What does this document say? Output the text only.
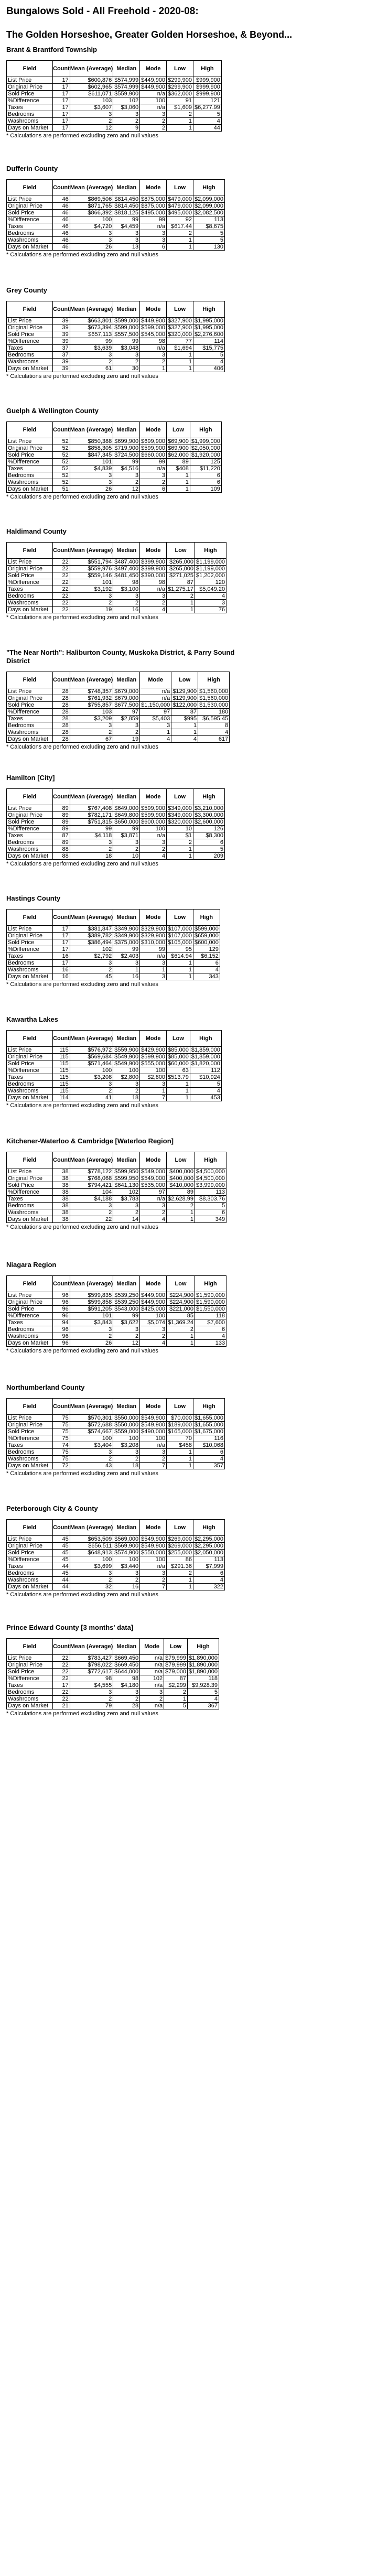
Bungalows Sold - All Freehold - 2020-08:
The Golden Horseshoe, Greater Golden Horseshoe, & Beyond...
Brant & Brantford Township
Field	Count	Mean (Average)	Median	Mode	Low	High
List Price	17	$600,876	$574,999	$449,900	$299,900	$999,900
Original Price	17	$602,965	$574,999	$449,900	$299,900	$999,900
Sold Price	17	$611,071	$559,900	n/a	$362,000	$999,900
%Difference	17	103	102	100	91	121
Taxes	17	$3,607	$3,060	n/a	$1,609	$6,277.99
Bedrooms	17	3	3	3	2	5
Washrooms	17	2	2	2	1	4
Days on Market	17	12	9	2	1	44
* Calculations are performed excluding zero and null values
Dufferin County
Field	Count	Mean (Average)	Median	Mode	Low	High
List Price	46	$869,506	$814,450	$875,000	$479,000	$2,099,000
Original Price	46	$871,765	$814,450	$875,000	$479,000	$2,099,000
Sold Price	46	$866,392	$818,125	$495,000	$495,000	$2,082,500
%Difference	46	100	99	99	92	113
Taxes	46	$4,720	$4,459	n/a	$617.44	$8,675
Bedrooms	46	3	3	3	2	5
Washrooms	46	3	3	3	1	5
Days on Market	46	26	13	6	1	130
* Calculations are performed excluding zero and null values
Grey County
Field	Count	Mean (Average)	Median	Mode	Low	High
List Price	39	$663,801	$599,000	$449,900	$327,900	$1,995,000
Original Price	39	$673,394	$599,000	$599,000	$327,900	$1,995,000
Sold Price	39	$657,113	$557,500	$545,000	$320,000	$2,276,600
%Difference	39	99	99	98	77	114
Taxes	37	$3,639	$3,048	n/a	$1,694	$15,775
Bedrooms	37	3	3	3	1	5
Washrooms	39	2	2	2	1	4
Days on Market	39	61	30	1	1	406
* Calculations are performed excluding zero and null values
Guelph & Wellington County
Field	Count	Mean (Average)	Median	Mode	Low	High
List Price	52	$850,388	$699,900	$699,900	$69,900	$1,999,000
Original Price	52	$858,305	$719,900	$599,900	$69,900	$2,050,000
Sold Price	52	$847,345	$724,500	$660,000	$62,000	$1,920,000
%Difference	52	101	99	99	89	125
Taxes	52	$4,839	$4,516	n/a	$408	$11,220
Bedrooms	52	3	3	3	1	6
Washrooms	52	3	2	2	1	6
Days on Market	51	26	12	6	1	109
* Calculations are performed excluding zero and null values
Haldimand County
Field	Count	Mean (Average)	Median	Mode	Low	High
List Price	22	$551,794	$487,400	$399,900	$265,000	$1,199,000
Original Price	22	$559,976	$497,400	$399,900	$265,000	$1,199,000
Sold Price	22	$559,146	$481,450	$390,000	$271,025	$1,202,000
%Difference	22	101	98	98	87	120
Taxes	22	$3,192	$3,100	n/a	$1,275.17	$5,049.20
Bedrooms	22	3	3	3	2	4
Washrooms	22	2	2	2	1	3
Days on Market	22	19	16	4	1	76
* Calculations are performed excluding zero and null values
"The Near North": Haliburton County, Muskoka District, & Parry Sound District
Field	Count	Mean (Average)	Median	Mode	Low	High
List Price	28	$748,357	$679,000	n/a	$129,900	$1,560,000
Original Price	28	$761,932	$679,000	n/a	$129,900	$1,560,000
Sold Price	28	$755,857	$677,500	$1,150,000	$122,000	$1,530,000
%Difference	28	103	97	97	87	180
Taxes	28	$3,209	$2,859	$5,403	$995	$6,595.45
Bedrooms	28	3	3	3	1	8
Washrooms	28	2	2	1	1	4
Days on Market	28	67	19	4	4	617
* Calculations are performed excluding zero and null values
Hamilton [City]
Field	Count	Mean (Average)	Median	Mode	Low	High
List Price	89	$767,408	$649,000	$599,900	$349,000	$3,210,000
Original Price	89	$782,171	$649,800	$599,900	$349,000	$3,300,000
Sold Price	89	$751,815	$650,000	$600,000	$320,000	$2,600,000
%Difference	89	99	99	100	10	126
Taxes	87	$4,118	$3,871	n/a	$1	$8,300
Bedrooms	89	3	3	3	2	6
Washrooms	88	2	2	2	1	5
Days on Market	88	18	10	4	1	209
* Calculations are performed excluding zero and null values
Hastings County
Field	Count	Mean (Average)	Median	Mode	Low	High
List Price	17	$381,847	$349,900	$329,900	$107,000	$599,000
Original Price	17	$389,782	$349,900	$329,900	$107,000	$659,000
Sold Price	17	$386,494	$375,000	$310,000	$105,000	$600,000
%Difference	17	102	99	99	95	129
Taxes	16	$2,792	$2,403	n/a	$614.94	$6,152
Bedrooms	17	3	3	3	1	6
Washrooms	16	2	1	1	1	4
Days on Market	16	45	16	3	1	343
* Calculations are performed excluding zero and null values
Kawartha Lakes
Field	Count	Mean (Average)	Median	Mode	Low	High
List Price	115	$576,972	$559,900	$429,900	$85,000	$1,859,000
Original Price	115	$569,684	$549,900	$599,900	$85,000	$1,859,000
Sold Price	115	$571,464	$549,900	$555,000	$60,000	$1,820,000
%Difference	115	100	100	100	63	112
Taxes	115	$3,208	$2,800	$2,800	$513.79	$10,924
Bedrooms	115	3	3	3	1	5
Washrooms	115	2	2	1	1	4
Days on Market	114	41	18	7	1	453
* Calculations are performed excluding zero and null values
Kitchener-Waterloo & Cambridge [Waterloo Region]
Field	Count	Mean (Average)	Median	Mode	Low	High
List Price	38	$778,122	$599,950	$549,000	$400,000	$4,500,000
Original Price	38	$768,068	$599,950	$549,000	$400,000	$4,500,000
Sold Price	38	$794,421	$641,130	$535,000	$410,000	$3,999,000
%Difference	38	104	102	97	89	113
Taxes	38	$4,188	$3,783	n/a	$2,628.99	$8,303.76
Bedrooms	38	3	3	3	2	5
Washrooms	38	2	2	2	1	6
Days on Market	38	22	14	4	1	349
* Calculations are performed excluding zero and null values
Niagara Region
Field	Count	Mean (Average)	Median	Mode	Low	High
List Price	96	$599,835	$539,250	$449,900	$224,900	$1,590,000
Original Price	96	$599,858	$539,250	$449,900	$224,900	$1,590,000
Sold Price	96	$591,205	$543,000	$425,000	$221,000	$1,550,000
%Difference	96	101	99	100	85	118
Taxes	94	$3,843	$3,622	$5,074	$1,369.24	$7,600
Bedrooms	96	3	3	3	2	6
Washrooms	96	2	2	2	1	4
Days on Market	96	26	12	4	1	133
* Calculations are performed excluding zero and null values
Northumberland County
Field	Count	Mean (Average)	Median	Mode	Low	High
List Price	75	$570,301	$550,000	$549,900	$70,000	$1,655,000
Original Price	75	$572,688	$550,000	$549,900	$189,000	$1,655,000
Sold Price	75	$574,667	$559,000	$490,000	$165,000	$1,675,000
%Difference	75	100	100	100	70	116
Taxes	74	$3,404	$3,208	n/a	$458	$10,068
Bedrooms	75	3	3	3	1	6
Washrooms	75	2	2	2	1	4
Days on Market	72	43	18	7	1	357
* Calculations are performed excluding zero and null values
Peterborough City & County
Field	Count	Mean (Average)	Median	Mode	Low	High
List Price	45	$653,509	$569,000	$549,900	$269,000	$2,295,000
Original Price	45	$656,511	$569,900	$549,900	$269,000	$2,295,000
Sold Price	45	$648,913	$574,900	$550,000	$255,000	$2,050,000
%Difference	45	100	100	100	86	113
Taxes	44	$3,699	$3,440	n/a	$291.36	$7,999
Bedrooms	45	3	3	3	2	6
Washrooms	44	2	2	2	1	4
Days on Market	44	32	16	7	1	322
* Calculations are performed excluding zero and null values
Prince Edward County [3 months' data]
Field	Count	Mean (Average)	Median	Mode	Low	High
List Price	22	$783,427	$669,450	n/a	$79,999	$1,890,000
Original Price	22	$798,022	$669,450	n/a	$79,999	$1,890,000
Sold Price	22	$772,617	$644,000	n/a	$79,000	$1,890,000
%Difference	22	98	98	102	87	118
Taxes	17	$4,555	$4,180	n/a	$2,299	$9,928.39
Bedrooms	22	3	3	3	2	5
Washrooms	22	2	2	2	1	4
Days on Market	21	79	28	n/a	5	367
* Calculations are performed excluding zero and null values
